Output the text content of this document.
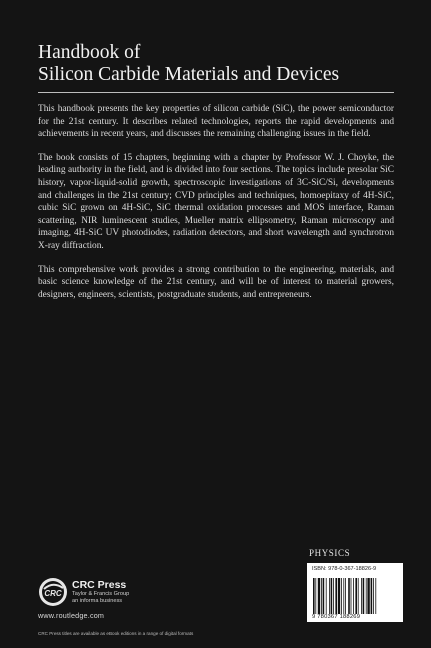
Handbook of
Silicon Carbide Materials and Devices

This handbook presents the key properties of silicon carbide (SiC), the power semiconductor for the 21st century. It describes related technologies, reports the rapid developments and achievements in recent years, and discusses the remaining challenging issues in the field.

The book consists of 15 chapters, beginning with a chapter by Professor W. J. Choyke, the leading authority in the field, and is divided into four sections. The topics include presolar SiC history, vapor-liquid-solid growth, spectroscopic investigations of 3C-SiC/Si, developments and challenges in the 21st century; CVD principles and techniques, homoepitaxy of 4H-SiC, cubic SiC grown on 4H-SiC, SiC thermal oxidation processes and MOS interface, Raman scattering, NIR luminescent studies, Mueller matrix ellipsometry, Raman microscopy and imaging, 4H-SiC UV photodiodes, radiation detectors, and short wavelength and synchrotron X-ray diffraction.

This comprehensive work provides a strong contribution to the engineering, materials, and basic science knowledge of the 21st century, and will be of interest to material growers, designers, engineers, scientists, postgraduate students, and entrepreneurs.

PHYSICS
ISBN: 978-0-367-18826-9
9 780367 188269
CRC
CRC Press
Taylor & Francis Group
an informa business
www.routledge.com
CRC Press titles are available as eBook editions in a range of digital formats
